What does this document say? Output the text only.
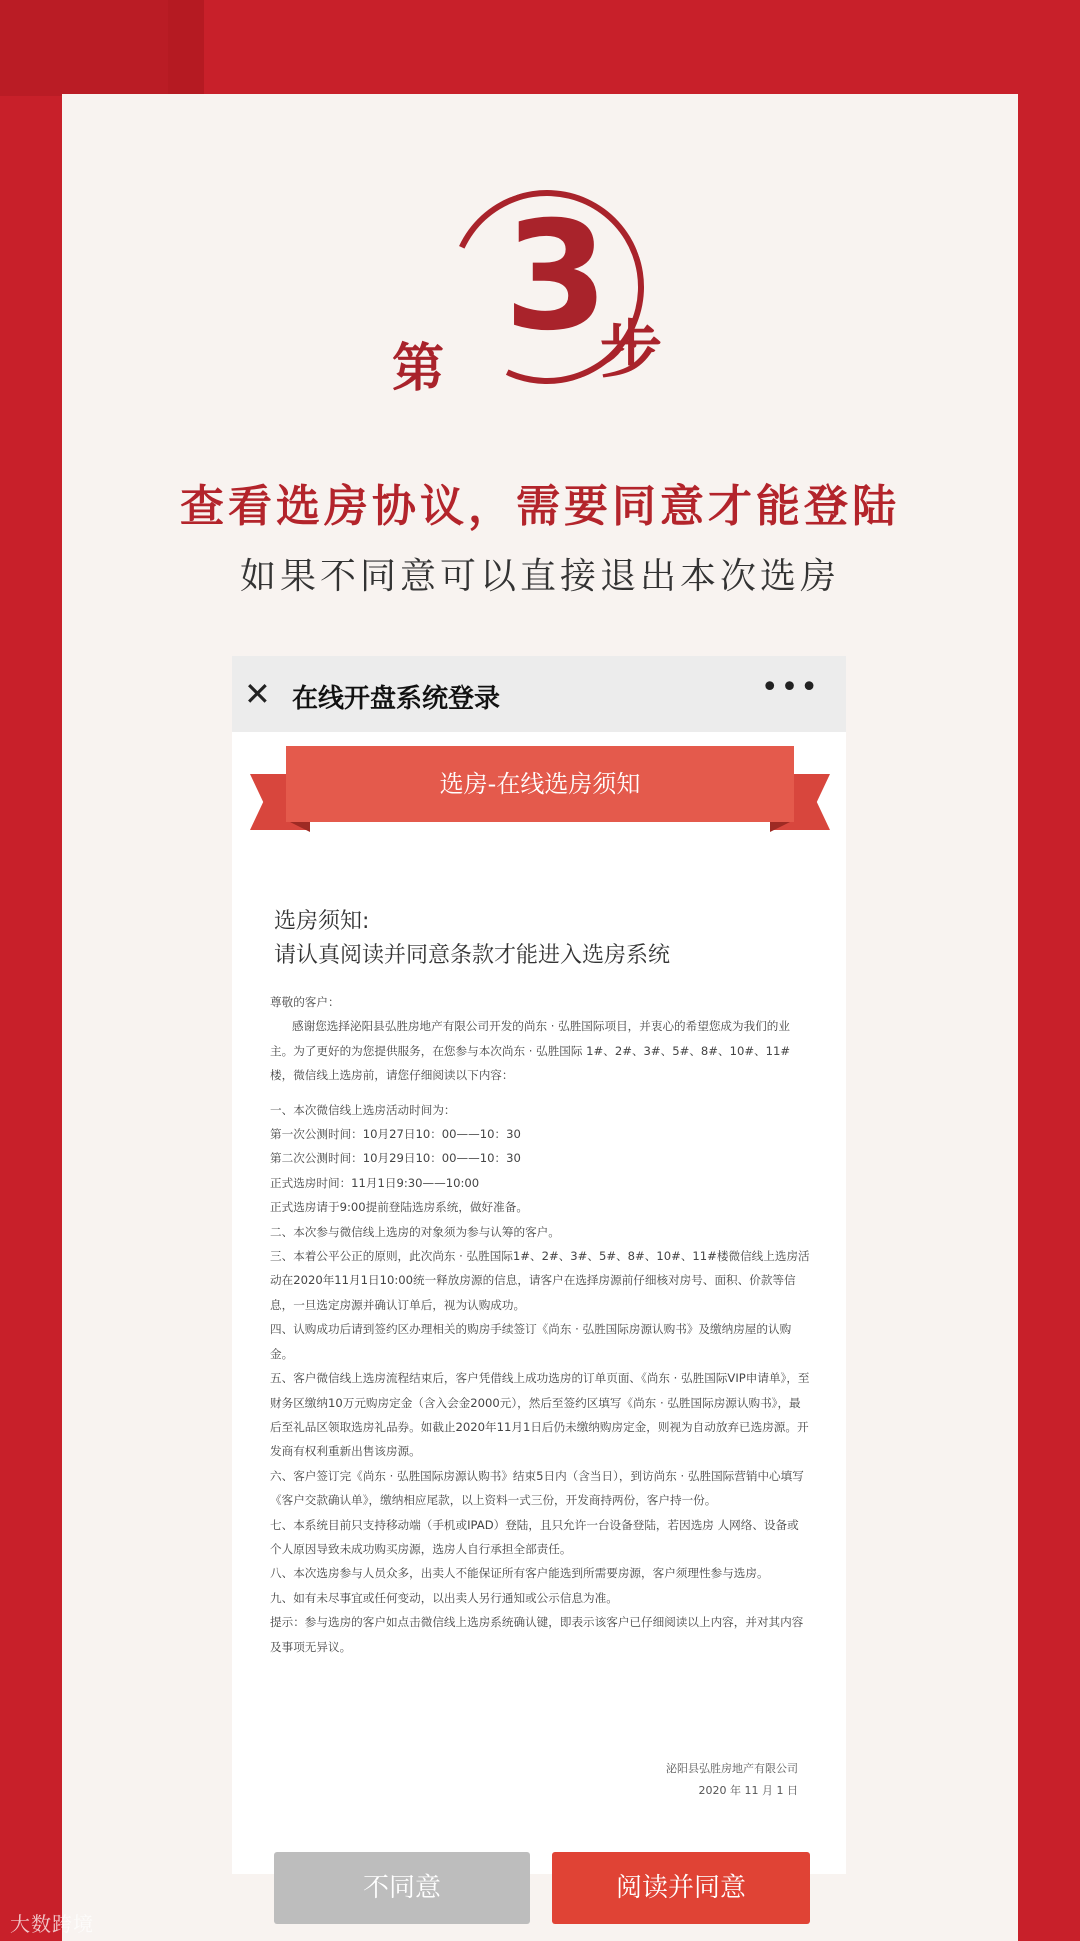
第
3
步
查看选房协议，需要同意才能登陆
如果不同意可以直接退出本次选房
✕ 在线开盘系统登录	•••
选房-在线选房须知
选房须知:
请认真阅读并同意条款才能进入选房系统

尊敬的客户：

感谢您选择泌阳县弘胜房地产有限公司开发的尚东 · 弘胜国际项目，并衷心的希望您成为我们的业主。为了更好的为您提供服务，在您参与本次尚东 · 弘胜国际 1#、2#、3#、5#、8#、10#、11# 楼，微信线上选房前，请您仔细阅读以下内容：

一、本次微信线上选房活动时间为：

第一次公测时间：10月27日10：00——10：30

第二次公测时间：10月29日10：00——10：30

正式选房时间：11月1日9:30——10:00

正式选房请于9:00提前登陆选房系统，做好准备。

二、本次参与微信线上选房的对象须为参与认筹的客户。

三、本着公平公正的原则，此次尚东 · 弘胜国际1#、2#、3#、5#、8#、10#、11#楼微信线上选房活动在2020年11月1日10:00统一释放房源的信息，请客户在选择房源前仔细核对房号、面积、价款等信息，一旦选定房源并确认订单后，视为认购成功。

四、认购成功后请到签约区办理相关的购房手续签订《尚东 · 弘胜国际房源认购书》及缴纳房屋的认购金。

五、客户微信线上选房流程结束后，客户凭借线上成功选房的订单页面、《尚东 · 弘胜国际VIP申请单》，至财务区缴纳10万元购房定金（含入会金2000元），然后至签约区填写《尚东 · 弘胜国际房源认购书》，最后至礼品区领取选房礼品券。如截止2020年11月1日后仍未缴纳购房定金，则视为自动放弃已选房源。开发商有权利重新出售该房源。

六、客户签订完《尚东 · 弘胜国际房源认购书》结束5日内（含当日），到访尚东 · 弘胜国际营销中心填写《客户交款确认单》，缴纳相应尾款，以上资料一式三份，开发商持两份，客户持一份。

七、本系统目前只支持移动端（手机或IPAD）登陆，且只允许一台设备登陆，若因选房 人网络、设备或个人原因导致未成功购买房源，选房人自行承担全部责任。

八、本次选房参与人员众多，出卖人不能保证所有客户能选到所需要房源，客户须理性参与选房。

九、如有未尽事宜或任何变动，以出卖人另行通知或公示信息为准。

提示：参与选房的客户如点击微信线上选房系统确认键，即表示该客户已仔细阅读以上内容，并对其内容及事项无异议。

泌阳县弘胜房地产有限公司
2020 年 11 月 1 日
不同意	阅读并同意
大数跨境
